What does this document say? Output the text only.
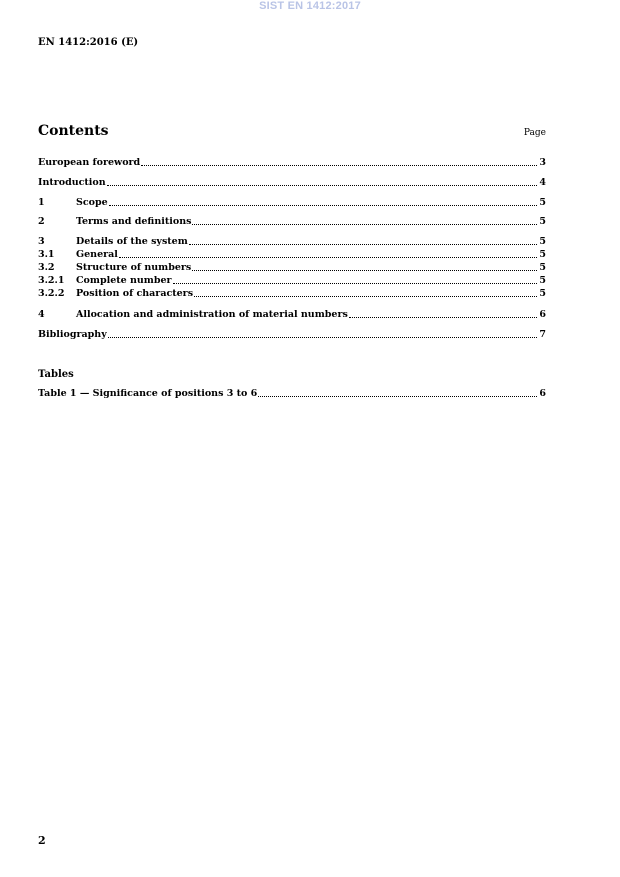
SIST EN 1412:2017
EN 1412:2016 (E)
Contents	Page
European foreword	3
Introduction	4
1	Scope	5
2	Terms and definitions	5
3	Details of the system	5
3.1	General	5
3.2	Structure of numbers	5
3.2.1	Complete number	5
3.2.2	Position of characters	5
4	Allocation and administration of material numbers	6
Bibliography	7
Table 1 — Significance of positions 3 to 6	6
Tables
2
